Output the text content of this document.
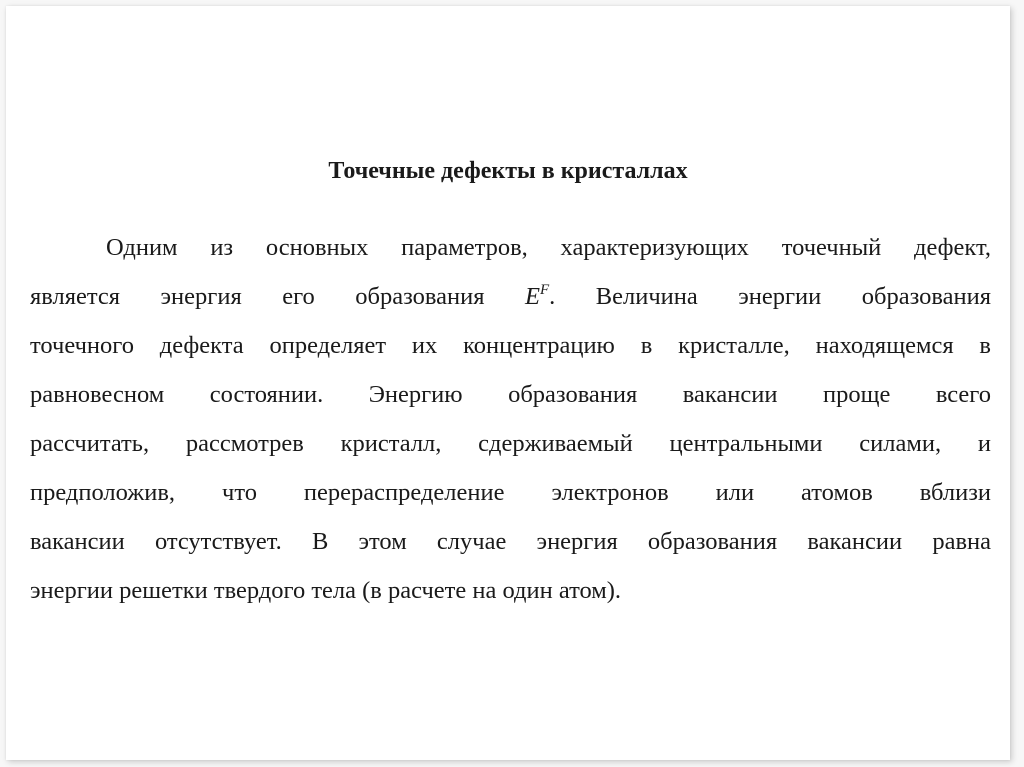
Точечные дефекты в кристаллах
Одним из основных параметров, характеризующих точечный дефект,
является энергия его образования $E^F$. Величина энергии образования
точечного дефекта определяет их концентрацию в кристалле, находящемся в
равновесном состоянии. Энергию образования вакансии проще всего
рассчитать, рассмотрев кристалл, сдерживаемый центральными силами, и
предположив, что перераспределение электронов или атомов вблизи
вакансии отсутствует. В этом случае энергия образования вакансии равна
энергии решетки твердого тела (в расчете на один атом).
